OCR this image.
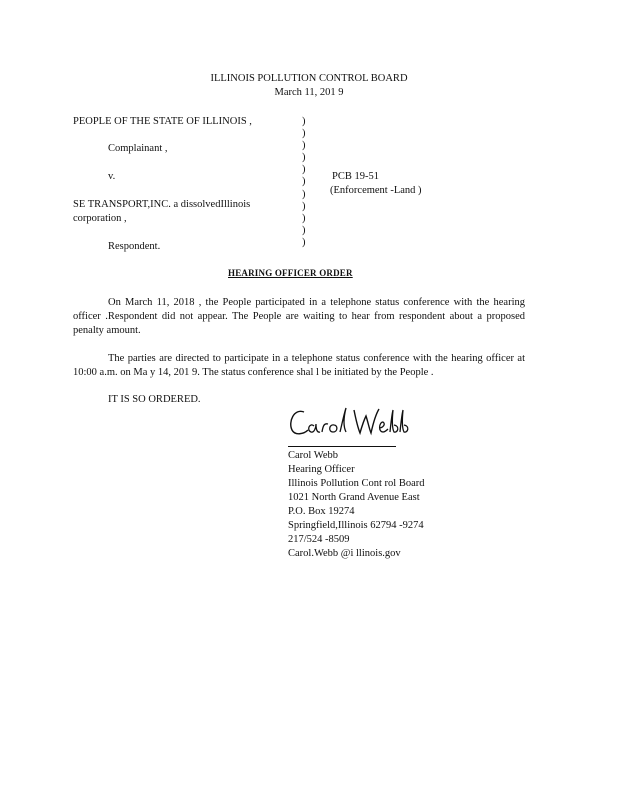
ILLINOIS POLLUTION CONTROL BOARD
March 11, 201 9
PEOPLE OF THE STATE OF ILLINOIS ,
Complainant ,
v.
SE TRANSPORT,INC. a dissolvedIllinois
corporation ,
Respondent.
)
)
)
)
)
)
)
)
)
)
)
PCB 19-51
(Enforcement -Land )
HEARING OFFICER ORDER
On March 11, 2018 , the People participated in a telephone status conference with the hearing officer .Respondent did not appear. The People are waiting to hear from respondent about a proposed penalty amount.
The parties are directed to participate in a telephone status conference with the hearing officer at 10:00 a.m. on Ma y 14, 201 9. The status conference shal l be initiated by the People .
IT IS SO ORDERED.
Carol Webb
Hearing Officer
Illinois Pollution Cont rol Board
1021 North Grand Avenue East
P.O. Box 19274
Springfield,Illinois 62794 -9274
217/524 -8509
Carol.Webb @i llinois.gov
